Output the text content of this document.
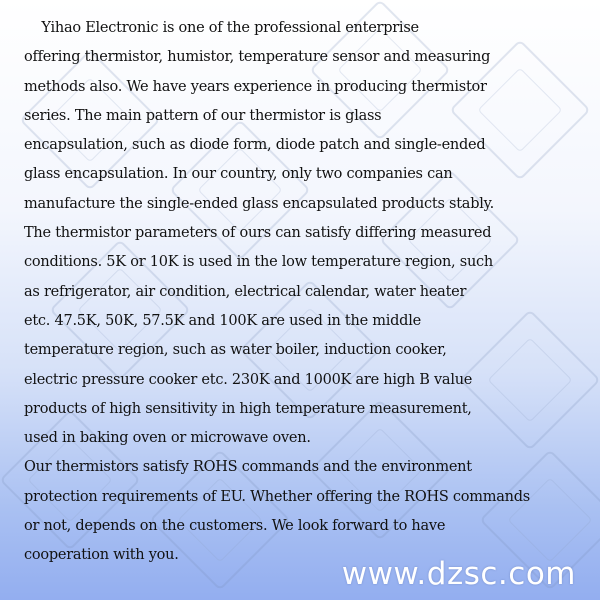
Yihao Electronic is one of the professional enterprise
offering thermistor, humistor, temperature sensor and measuring
methods also. We have years experience in producing thermistor
series. The main pattern of our thermistor is glass
encapsulation, such as diode form, diode patch and single-ended
glass encapsulation. In our country, only two companies can
manufacture the single-ended glass encapsulated products stably.
The thermistor parameters of ours can satisfy differing measured
conditions. 5K or 10K is used in the low temperature region, such
as refrigerator, air condition, electrical calendar, water heater
etc. 47.5K, 50K, 57.5K and 100K are used in the middle
temperature region, such as water boiler, induction cooker,
electric pressure cooker etc. 230K and 1000K are high B value
products of high sensitivity in high temperature measurement,
used in baking oven or microwave oven.
Our thermistors satisfy ROHS commands and the environment
protection requirements of EU. Whether offering the ROHS commands
or not, depends on the customers. We look forward to have
cooperation with you.
www.dzsc.com
